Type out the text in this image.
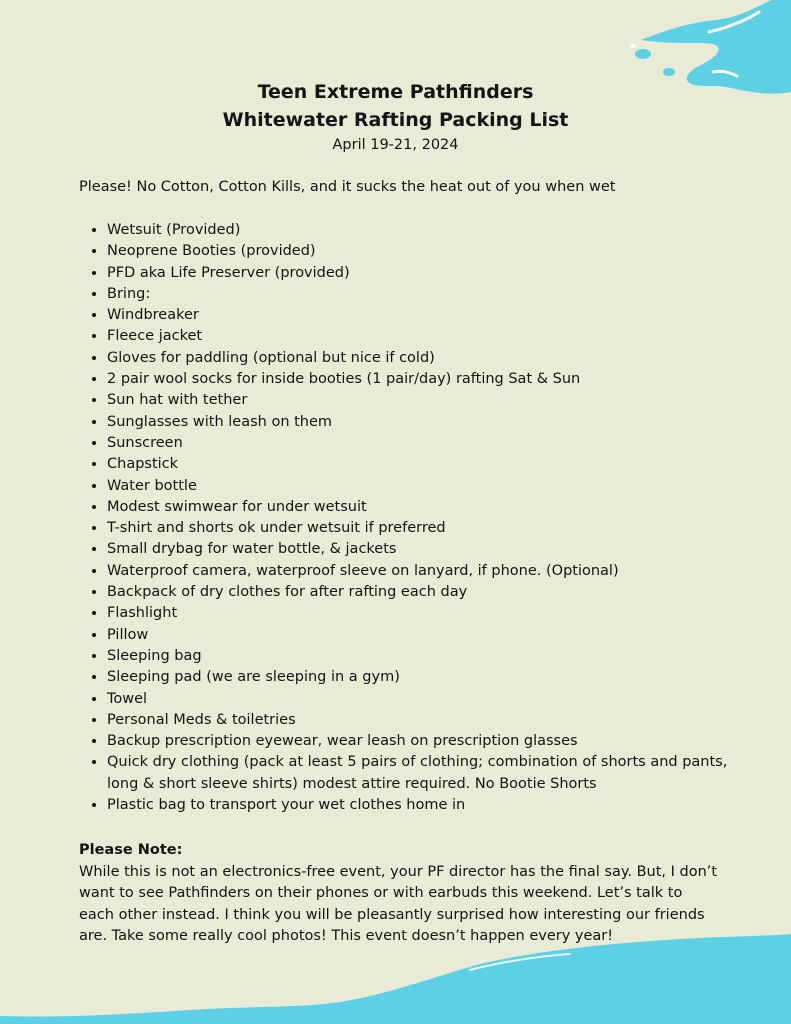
Teen Extreme Pathfinders

Whitewater Rafting Packing List

April 19-21, 2024

Please! No Cotton, Cotton Kills, and it sucks the heat out of you when wet

• Wetsuit (Provided)
• Neoprene Booties (provided)
• PFD aka Life Preserver (provided)
• Bring:
• Windbreaker
• Fleece jacket
• Gloves for paddling (optional but nice if cold)
• 2 pair wool socks for inside booties (1 pair/day) rafting Sat & Sun
• Sun hat with tether
• Sunglasses with leash on them
• Sunscreen
• Chapstick
• Water bottle
• Modest swimwear for under wetsuit
• T-shirt and shorts ok under wetsuit if preferred
• Small drybag for water bottle, & jackets
• Waterproof camera, waterproof sleeve on lanyard, if phone. (Optional)
• Backpack of dry clothes for after rafting each day
• Flashlight
• Pillow
• Sleeping bag
• Sleeping pad (we are sleeping in a gym)
• Towel
• Personal Meds & toiletries
• Backup prescription eyewear, wear leash on prescription glasses
• Quick dry clothing (pack at least 5 pairs of clothing; combination of shorts and pants, long & short sleeve shirts) modest attire required. No Bootie Shorts
• Plastic bag to transport your wet clothes home in

Please Note:

While this is not an electronics-free event, your PF director has the final say. But, I don’t want to see Pathfinders on their phones or with earbuds this weekend. Let’s talk to each other instead. I think you will be pleasantly surprised how interesting our friends are. Take some really cool photos! This event doesn’t happen every year!
